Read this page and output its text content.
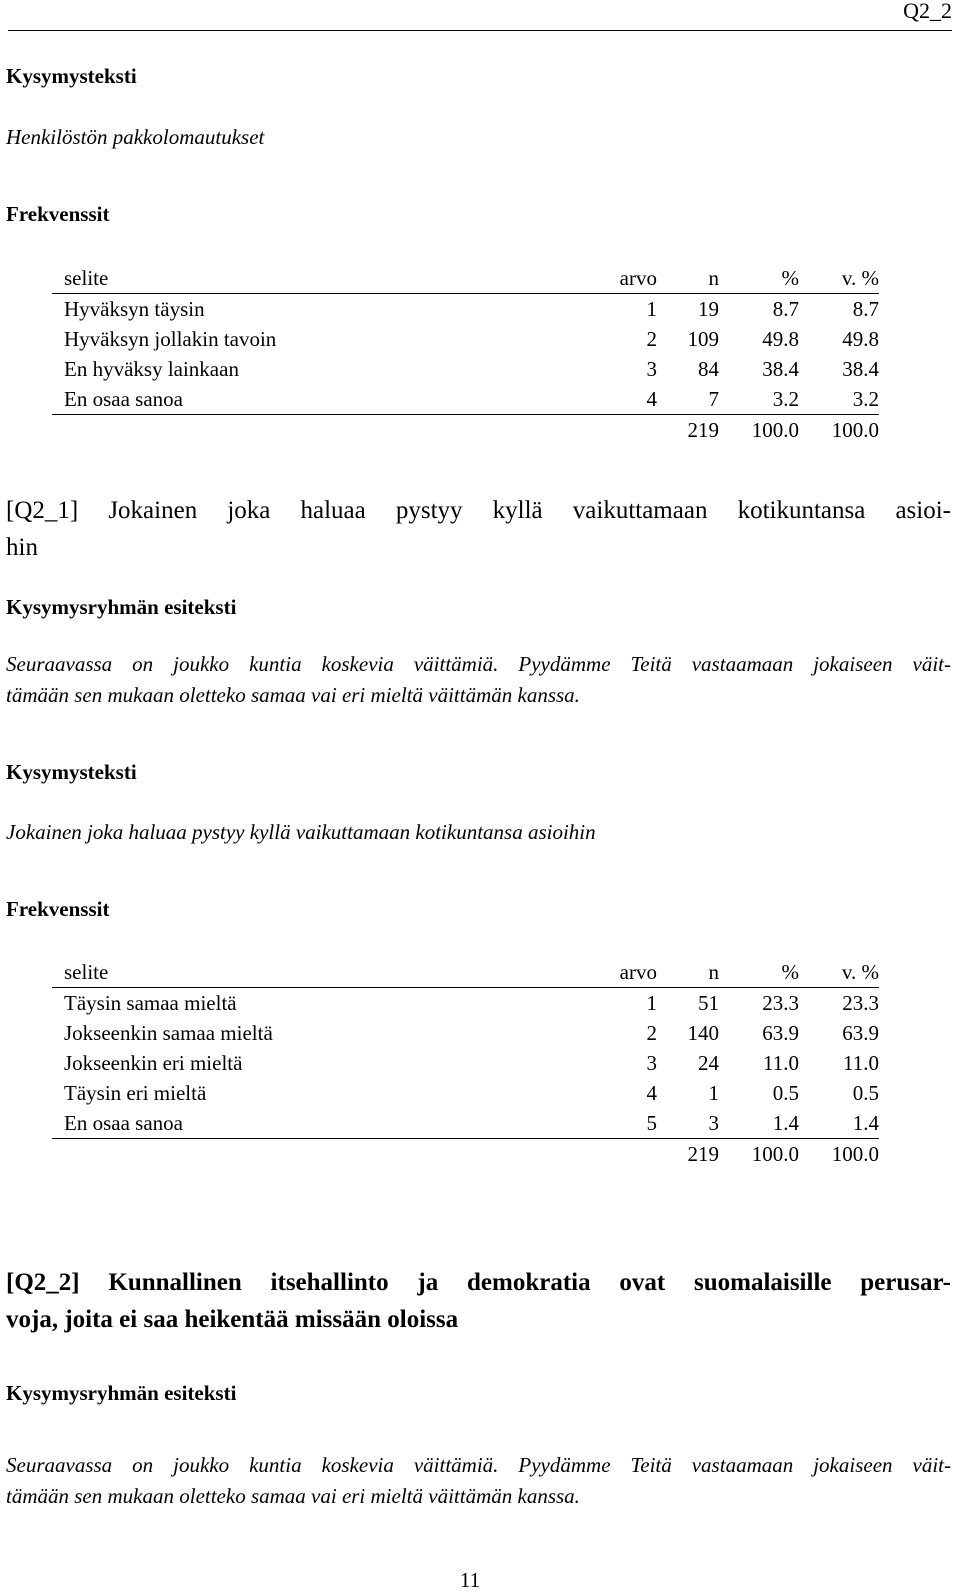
Q2_2
Kysymysteksti
Henkilöstön pakkolomautukset
Frekvenssit
selite	arvo	n	%	v. %
Hyväksyn täysin	1	19	8.7	8.7
Hyväksyn jollakin tavoin	2	109	49.8	49.8
En hyväksy lainkaan	3	84	38.4	38.4
En osaa sanoa	4	7	3.2	3.2
		219	100.0	100.0
[Q2_1] Jokainen joka haluaa pystyy kyllä vaikuttamaan kotikuntansa asioi-
hin
Kysymysryhmän esiteksti
Seuraavassa on joukko kuntia koskevia väittämiä. Pyydämme Teitä vastaamaan jokaiseen väit-
tämään sen mukaan oletteko samaa vai eri mieltä väittämän kanssa.
Kysymysteksti
Jokainen joka haluaa pystyy kyllä vaikuttamaan kotikuntansa asioihin
Frekvenssit
selite	arvo	n	%	v. %
Täysin samaa mieltä	1	51	23.3	23.3
Jokseenkin samaa mieltä	2	140	63.9	63.9
Jokseenkin eri mieltä	3	24	11.0	11.0
Täysin eri mieltä	4	1	0.5	0.5
En osaa sanoa	5	3	1.4	1.4
		219	100.0	100.0
[Q2_2] Kunnallinen itsehallinto ja demokratia ovat suomalaisille perusar-
voja, joita ei saa heikentää missään oloissa
Kysymysryhmän esiteksti
Seuraavassa on joukko kuntia koskevia väittämiä. Pyydämme Teitä vastaamaan jokaiseen väit-
tämään sen mukaan oletteko samaa vai eri mieltä väittämän kanssa.
11
